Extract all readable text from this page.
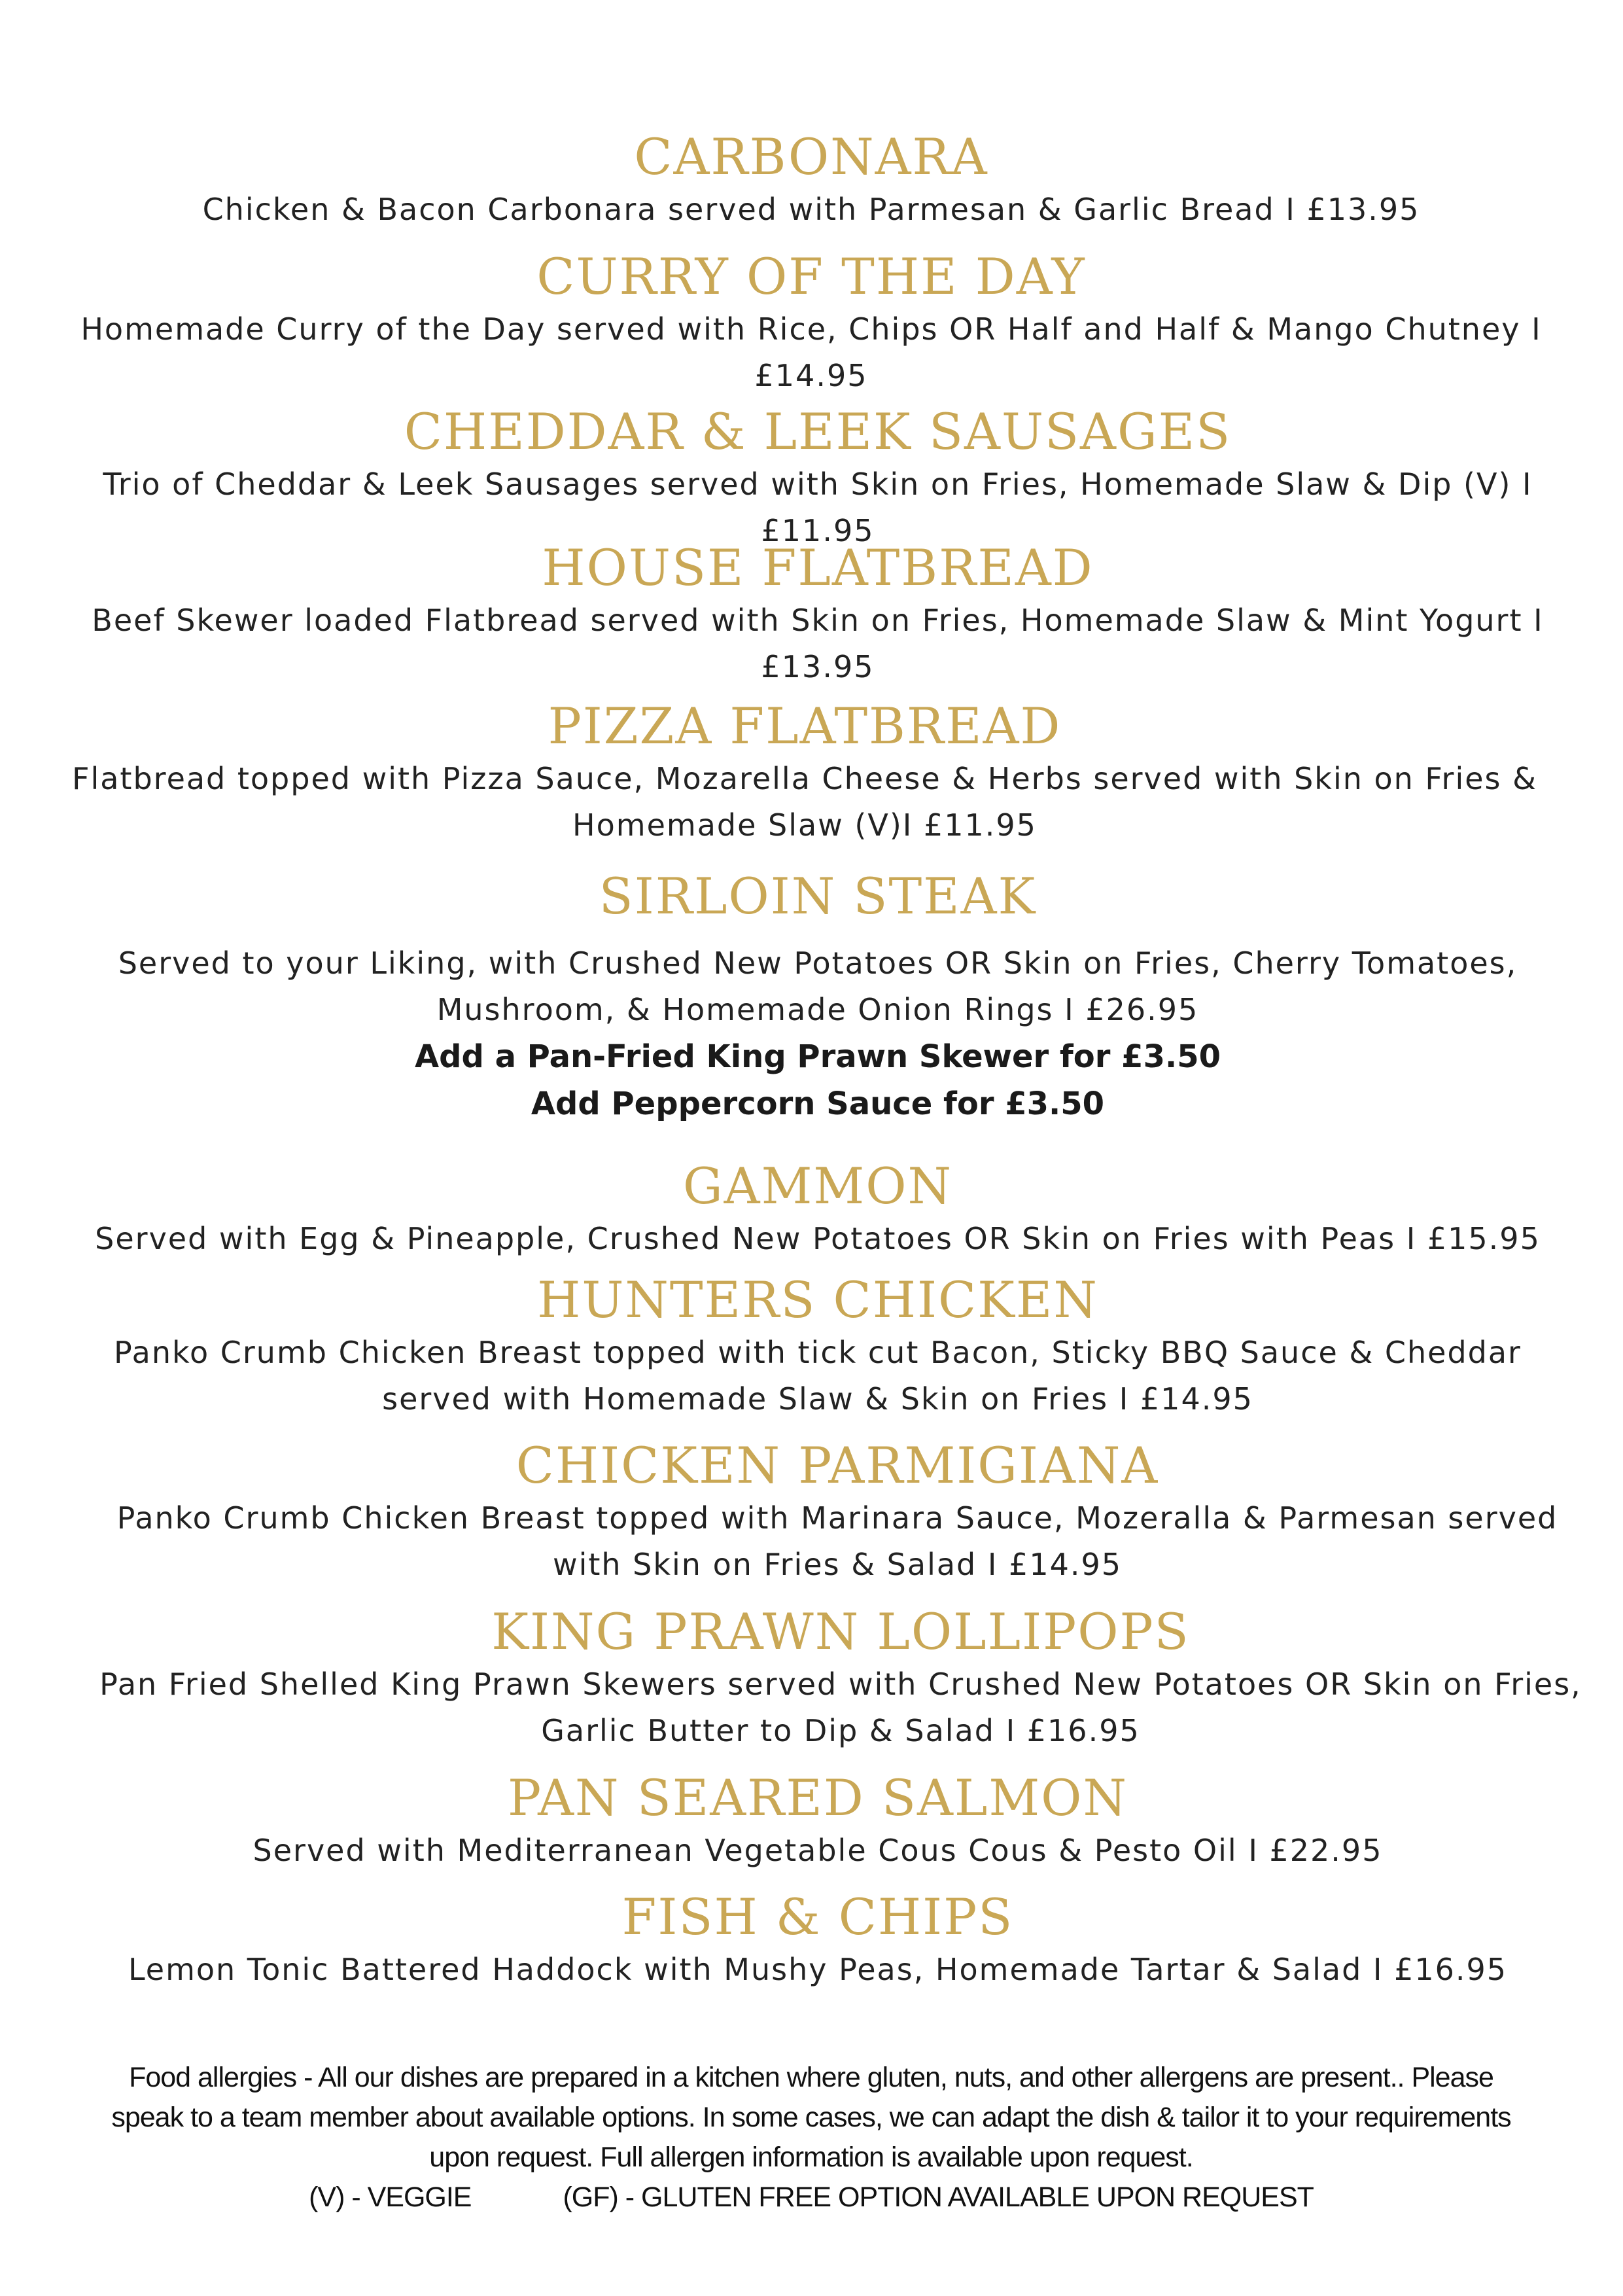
CARBONARA
Chicken & Bacon Carbonara served with Parmesan & Garlic Bread I £13.95
CURRY OF THE DAY
Homemade Curry of the Day served with Rice, Chips OR Half and Half & Mango Chutney I £14.95
CHEDDAR & LEEK SAUSAGES
Trio of Cheddar & Leek Sausages served with Skin on Fries, Homemade Slaw & Dip (V) I £11.95
HOUSE FLATBREAD
Beef Skewer loaded Flatbread served with Skin on Fries, Homemade Slaw & Mint Yogurt I £13.95
PIZZA FLATBREAD
Flatbread topped with Pizza Sauce, Mozarella Cheese & Herbs served with Skin on Fries & Homemade Slaw (V)I £11.95
SIRLOIN STEAK
Served to your Liking, with Crushed New Potatoes OR Skin on Fries, Cherry Tomatoes, Mushroom, & Homemade Onion Rings I £26.95
Add a Pan-Fried King Prawn Skewer for £3.50
Add Peppercorn Sauce for £3.50
GAMMON
Served with Egg & Pineapple, Crushed New Potatoes OR Skin on Fries with Peas I £15.95
HUNTERS CHICKEN
Panko Crumb Chicken Breast topped with tick cut Bacon, Sticky BBQ Sauce & Cheddar served with Homemade Slaw & Skin on Fries I £14.95
CHICKEN PARMIGIANA
Panko Crumb Chicken Breast topped with Marinara Sauce, Mozeralla & Parmesan served with Skin on Fries & Salad I £14.95
KING PRAWN LOLLIPOPS
Pan Fried Shelled King Prawn Skewers served with Crushed New Potatoes OR Skin on Fries, Garlic Butter to Dip & Salad I £16.95
PAN SEARED SALMON
Served with Mediterranean Vegetable Cous Cous & Pesto Oil I £22.95
FISH & CHIPS
Lemon Tonic Battered Haddock with Mushy Peas, Homemade Tartar & Salad I £16.95
Food allergies - All our dishes are prepared in a kitchen where gluten, nuts, and other allergens are present.. Please speak to a team member about available options. In some cases, we can adapt the dish & tailor it to your requirements upon request. Full allergen information is available upon request.
(V) - VEGGIE	(GF) - GLUTEN FREE OPTION AVAILABLE UPON REQUEST
